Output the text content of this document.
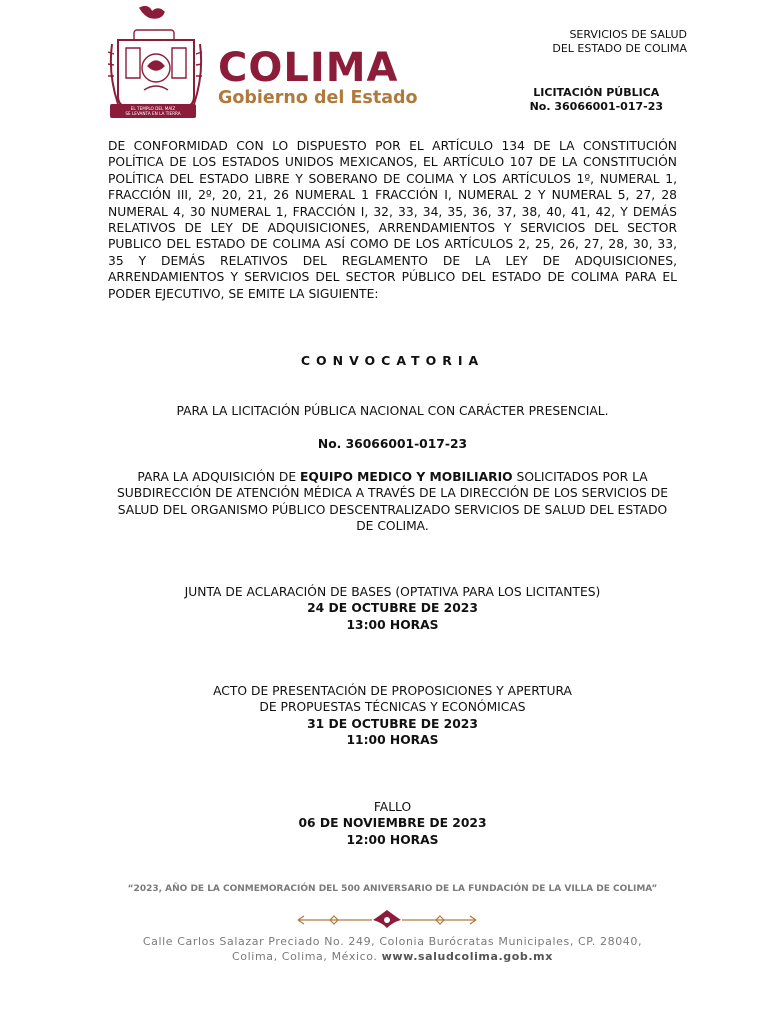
EL TEMPLO DEL MAÍZ
SE LEVANTA EN LA TIERRA
COLIMA
Gobierno del Estado
SERVICIOS DE SALUD
DEL ESTADO DE COLIMA
LICITACIÓN PÚBLICA
No. 36066001-017-23
DE CONFORMIDAD CON LO DISPUESTO POR EL ARTÍCULO 134 DE LA CONSTITUCIÓN POLÍTICA DE LOS ESTADOS UNIDOS MEXICANOS, EL ARTÍCULO 107 DE LA CONSTITUCIÓN POLÍTICA DEL ESTADO LIBRE Y SOBERANO DE COLIMA Y LOS ARTÍCULOS 1º, NUMERAL 1, FRACCIÓN III, 2º, 20, 21, 26 NUMERAL 1 FRACCIÓN I, NUMERAL 2 Y NUMERAL 5, 27, 28 NUMERAL 4, 30 NUMERAL 1, FRACCIÓN I, 32, 33, 34, 35, 36, 37, 38, 40, 41, 42, Y DEMÁS RELATIVOS DE LEY DE ADQUISICIONES, ARRENDAMIENTOS Y SERVICIOS DEL SECTOR PUBLICO DEL ESTADO DE COLIMA ASÍ COMO DE LOS ARTÍCULOS 2, 25, 26, 27, 28, 30, 33, 35 Y DEMÁS RELATIVOS DEL REGLAMENTO DE LA LEY DE ADQUISICIONES, ARRENDAMIENTOS Y SERVICIOS DEL SECTOR PÚBLICO DEL ESTADO DE COLIMA PARA EL PODER EJECUTIVO, SE EMITE LA SIGUIENTE:
CONVOCATORIA
PARA LA LICITACIÓN PÚBLICA NACIONAL CON CARÁCTER PRESENCIAL.
No. 36066001-017-23
PARA LA ADQUISICIÓN DE EQUIPO MEDICO Y MOBILIARIO SOLICITADOS POR LA SUBDIRECCIÓN DE ATENCIÓN MÉDICA A TRAVÉS DE LA DIRECCIÓN DE LOS SERVICIOS DE SALUD DEL ORGANISMO PÚBLICO DESCENTRALIZADO SERVICIOS DE SALUD DEL ESTADO DE COLIMA.
JUNTA DE ACLARACIÓN DE BASES (OPTATIVA PARA LOS LICITANTES)
24 DE OCTUBRE DE 2023
13:00 HORAS
ACTO DE PRESENTACIÓN DE PROPOSICIONES Y APERTURA
DE PROPUESTAS TÉCNICAS Y ECONÓMICAS
31 DE OCTUBRE DE 2023
11:00 HORAS
FALLO
06 DE NOVIEMBRE DE 2023
12:00 HORAS
“2023, AÑO DE LA CONMEMORACIÓN DEL 500 ANIVERSARIO DE LA FUNDACIÓN DE LA VILLA DE COLIMA”
Calle Carlos Salazar Preciado No. 249, Colonia Burócratas Municipales, CP. 28040,
Colima, Colima, México. www.saludcolima.gob.mx
